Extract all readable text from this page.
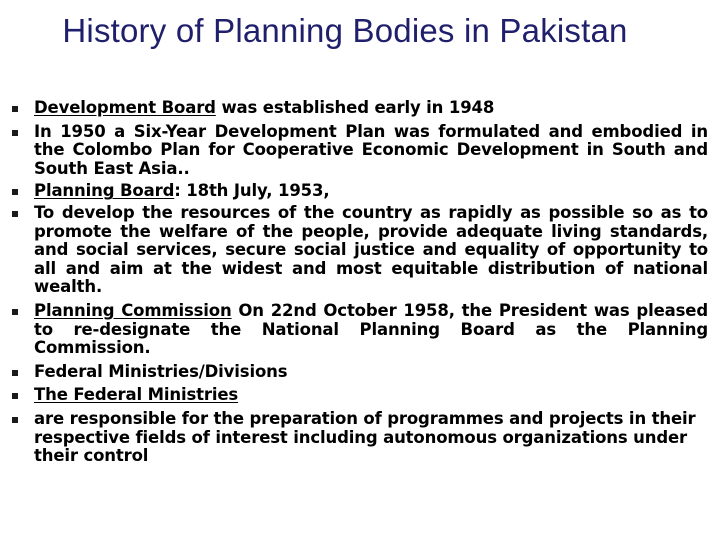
History of Planning Bodies in Pakistan
Development Board was established early in 1948
In 1950 a Six-Year Development Plan was formulated and embodied in the Colombo Plan for Cooperative Economic Development in South and South East Asia..
Planning Board: 18th July, 1953,
To develop the resources of the country as rapidly as possible so as to promote the welfare of the people, provide adequate living standards, and social services, secure social justice and equality of opportunity to all and aim at the widest and most equitable distribution of national wealth.
Planning Commission On 22nd October 1958, the President was pleased to re-designate the National Planning Board as the Planning Commission.
Federal Ministries/Divisions
The Federal Ministries
are responsible for the preparation of programmes and projects in their respective fields of interest including autonomous organizations under their control
